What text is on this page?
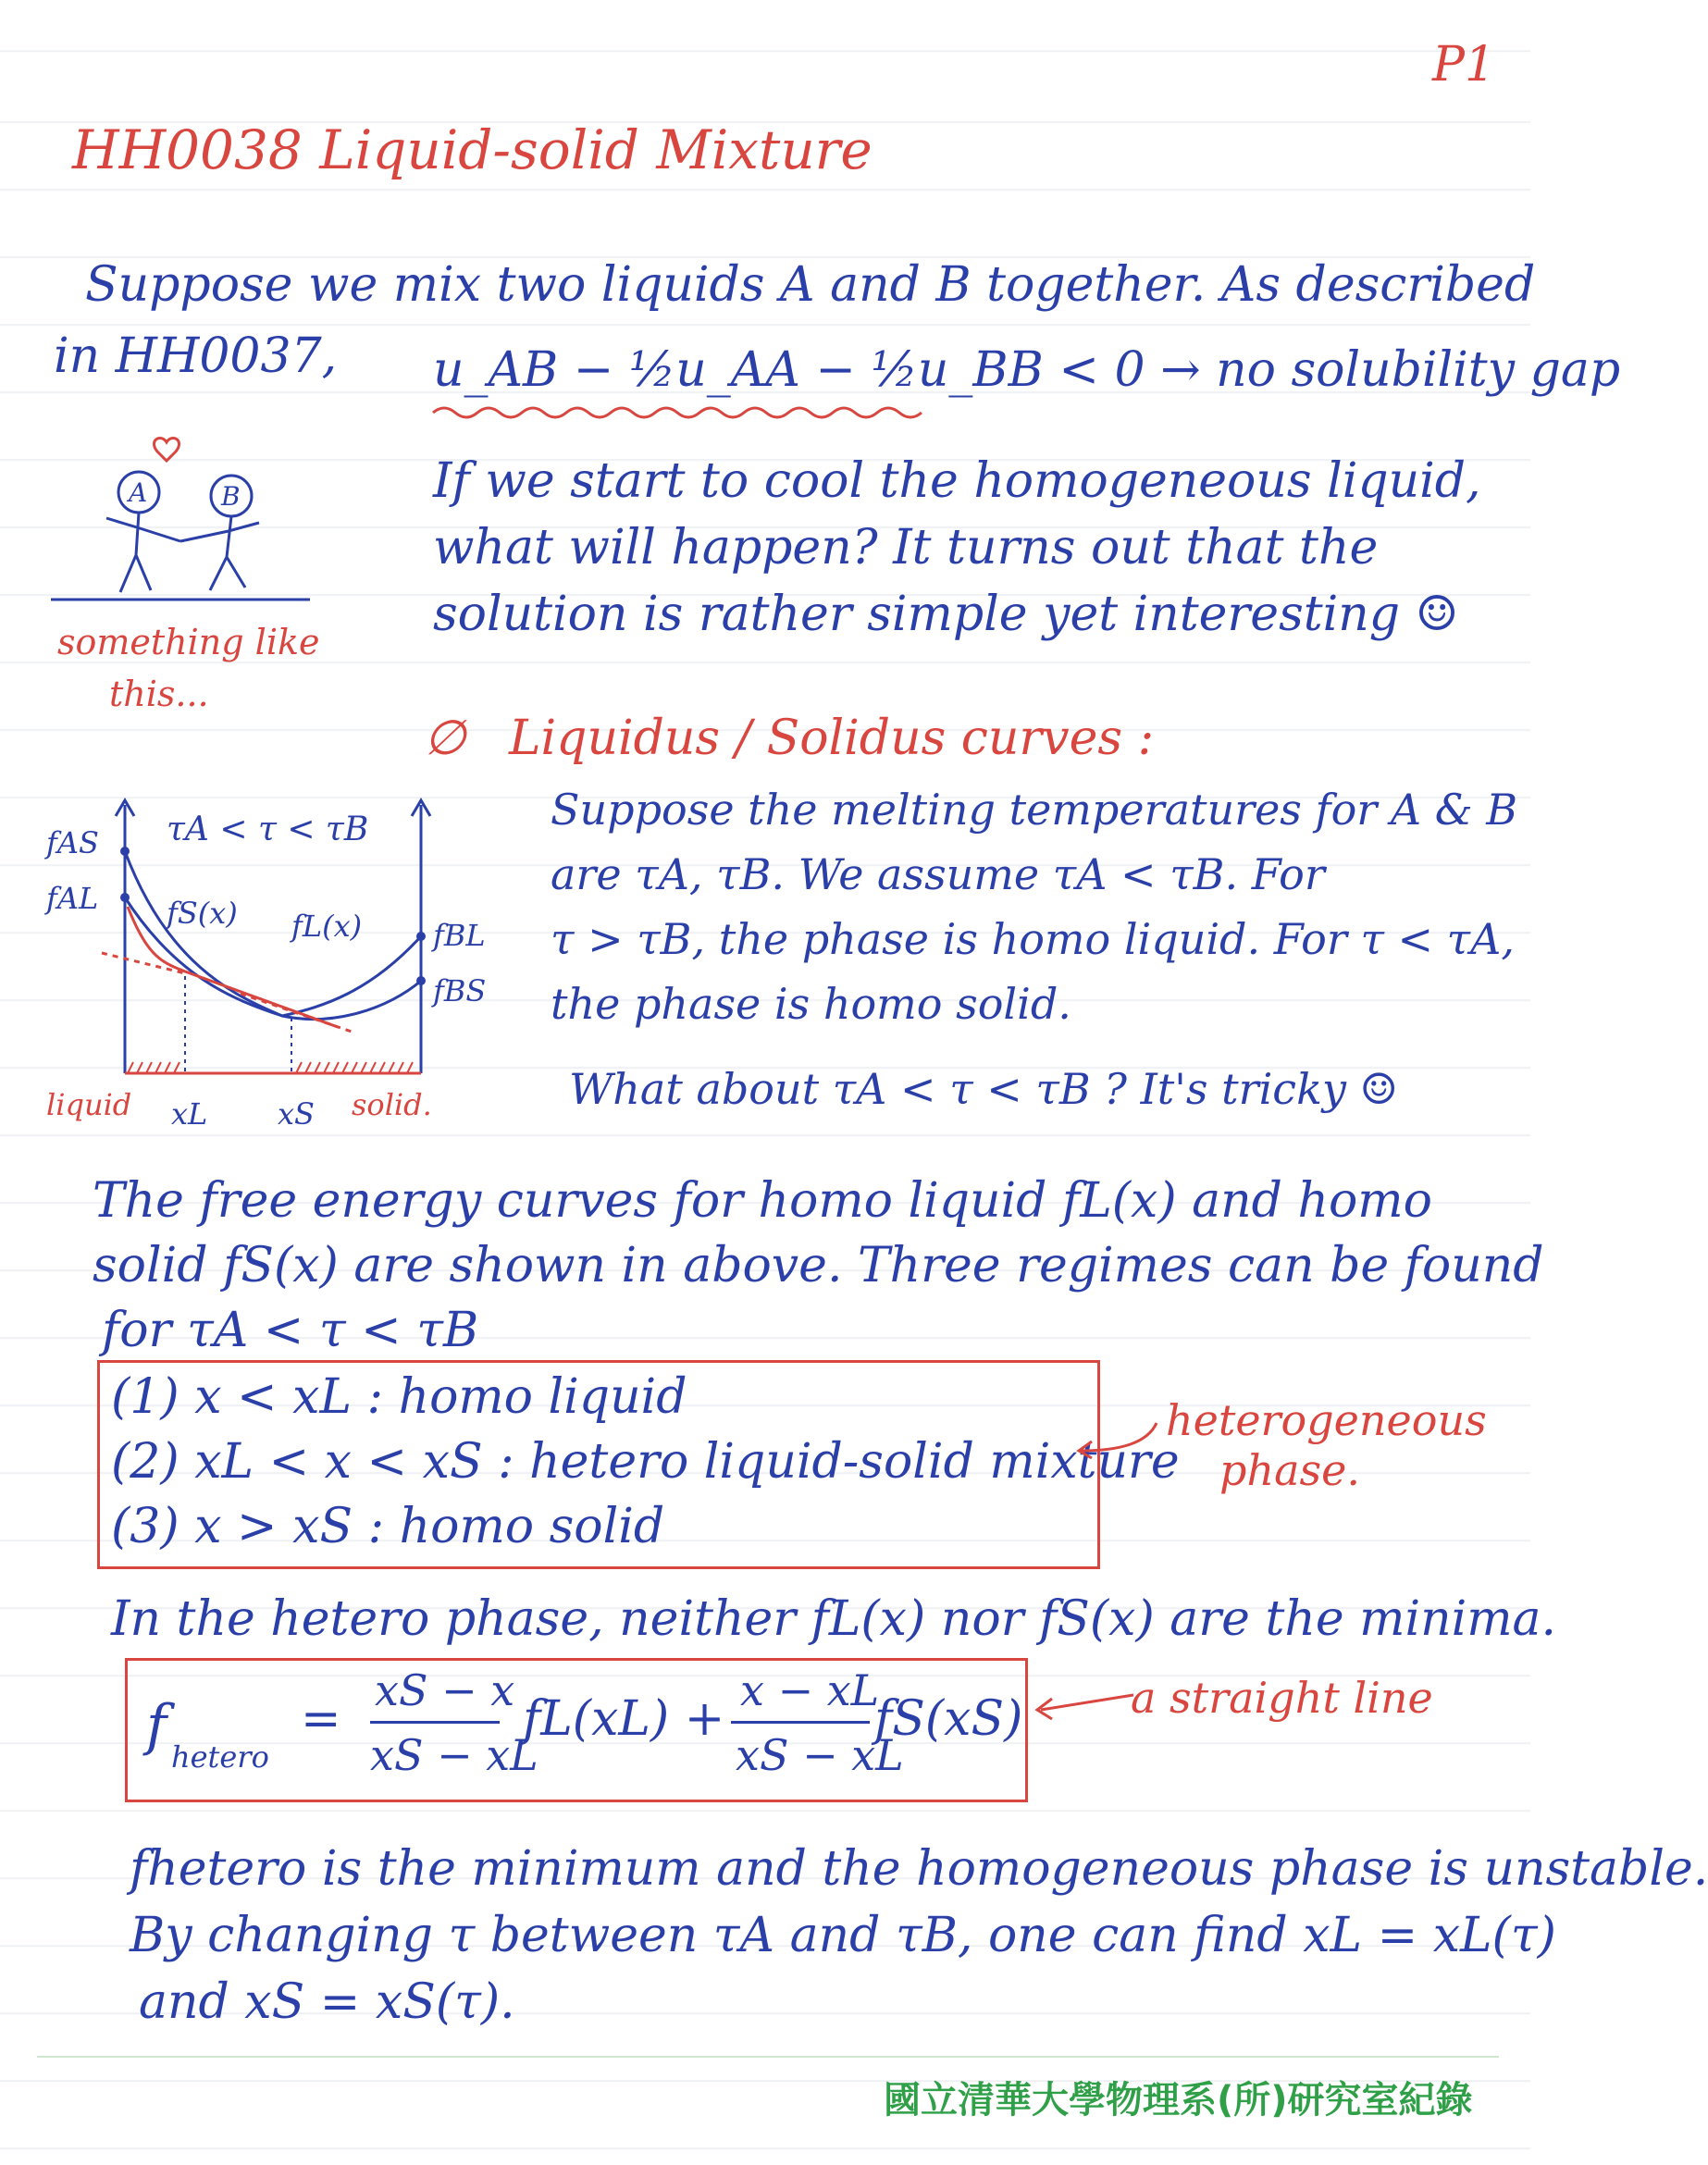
P1
HH0038 Liquid-solid Mixture
Suppose we mix two liquids A and B together. As described
in HH0037, u_AB − ½u_AA − ½u_BB < 0 → no solubility gap
A	B
something like
this...
If we start to cool the homogeneous liquid,
what will happen? It turns out that the
solution is rather simple yet interesting ☺
∅ Liquidus / Solidus curves :
τA < τ < τB
fAS
fAL fS(x) fL(x) fBL
fBS
liquid xL xS solid.
Suppose the melting temperatures for A & B
are τA, τB. We assume τA < τB. For
τ > τB, the phase is homo liquid. For τ < τA,
the phase is homo solid.
What about τA < τ < τB ? It's tricky ☺
The free energy curves for homo liquid fL(x) and homo
solid fS(x) are shown in above. Three regimes can be found
for τA < τ < τB
(1) x < xL : homo liquid
(2) xL < x < xS : hetero liquid-solid mixture
(3) x > xS : homo solid
heterogeneous
phase.
In the hetero phase, neither fL(x) nor fS(x) are the minima.
f hetero
=
xS − x
xS − xL
fL(xL) +
x − xL
xS − xL
fS(xS)	a straight line
fhetero is the minimum and the homogeneous phase is unstable.
By changing τ between τA and τB, one can find xL = xL(τ)
and xS = xS(τ).
國立清華大學物理系(所)研究室紀錄
